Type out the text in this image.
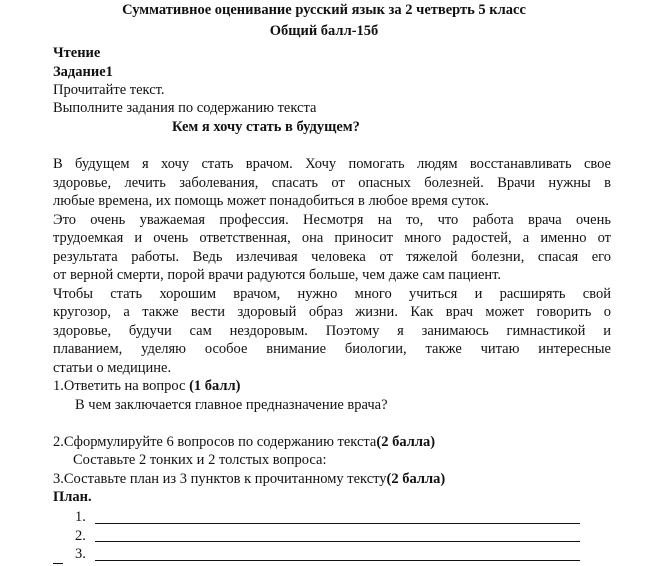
Суммативное оценивание русский язык за 2 четверть 5 класс
Общий балл-15б
Чтение
Задание1
Прочитайте текст.
Выполните задания по содержанию текста
Кем я хочу стать в будущем?
В будущем я хочу стать врачом. Хочу помогать людям восстанавливать свое
здоровье, лечить заболевания, спасать от опасных болезней. Врачи нужны в
любые времена, их помощь может понадобиться в любое время суток.
Это очень уважаемая профессия. Несмотря на то, что работа врача очень
трудоемкая и очень ответственная, она приносит много радостей, а именно от
результата работы. Ведь излечивая человека от тяжелой болезни, спасая его
от верной смерти, порой врачи радуются больше, чем даже сам пациент.
Чтобы стать хорошим врачом, нужно много учиться и расширять свой
кругозор, а также вести здоровый образ жизни. Как врач может говорить о
здоровье, будучи сам нездоровым. Поэтому я занимаюсь гимнастикой и
плаванием, уделяю особое внимание биологии, также читаю интересные
статьи о медицине.
1.Ответить на вопрос (1 балл)
В чем заключается главное предназначение врача?
2.Сформулируйте 6 вопросов по содержанию текста(2 балла)
Составьте 2 тонких и 2 толстых вопроса:
3.Составьте план из 3 пунктов к прочитанному тексту(2 балла)
План.
1.
2.
3.
